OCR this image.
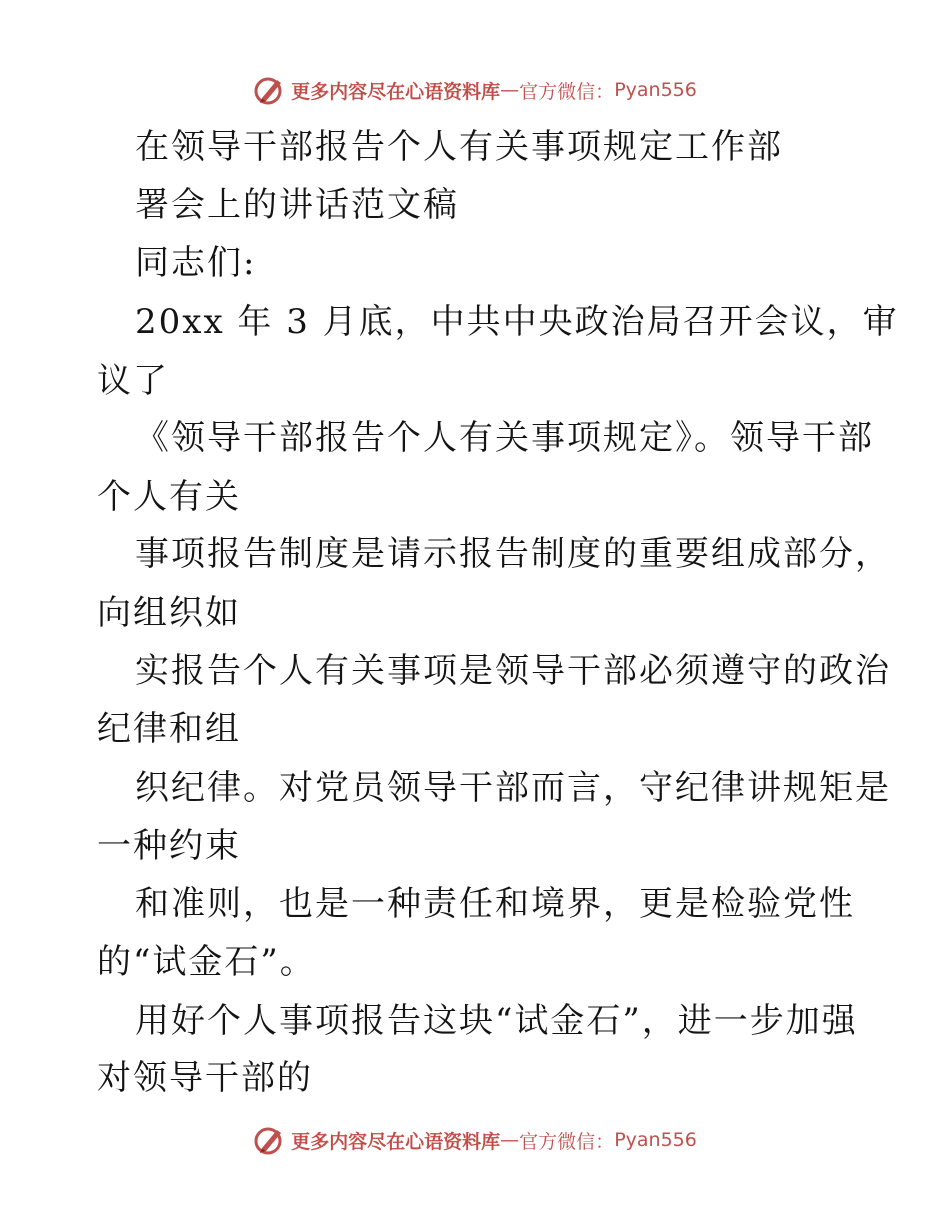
更多内容尽在心语资料库 — 官方微信： Pyan556

在领导干部报告个人有关事项规定工作部

署会上的讲话范文稿

同志们:

20xx 年 3 月底，中共中央政治局召开会议，审

议了

《领导干部报告个人有关事项规定》。领导干部

个人有关

事项报告制度是请示报告制度的重要组成部分，

向组织如

实报告个人有关事项是领导干部必须遵守的政治

纪律和组

织纪律。对党员领导干部而言，守纪律讲规矩是

一种约束

和准则，也是一种责任和境界，更是检验党性

的“试金石”。

用好个人事项报告这块“试金石”，进一步加强

对领导干部的

更多内容尽在心语资料库 — 官方微信： Pyan556
